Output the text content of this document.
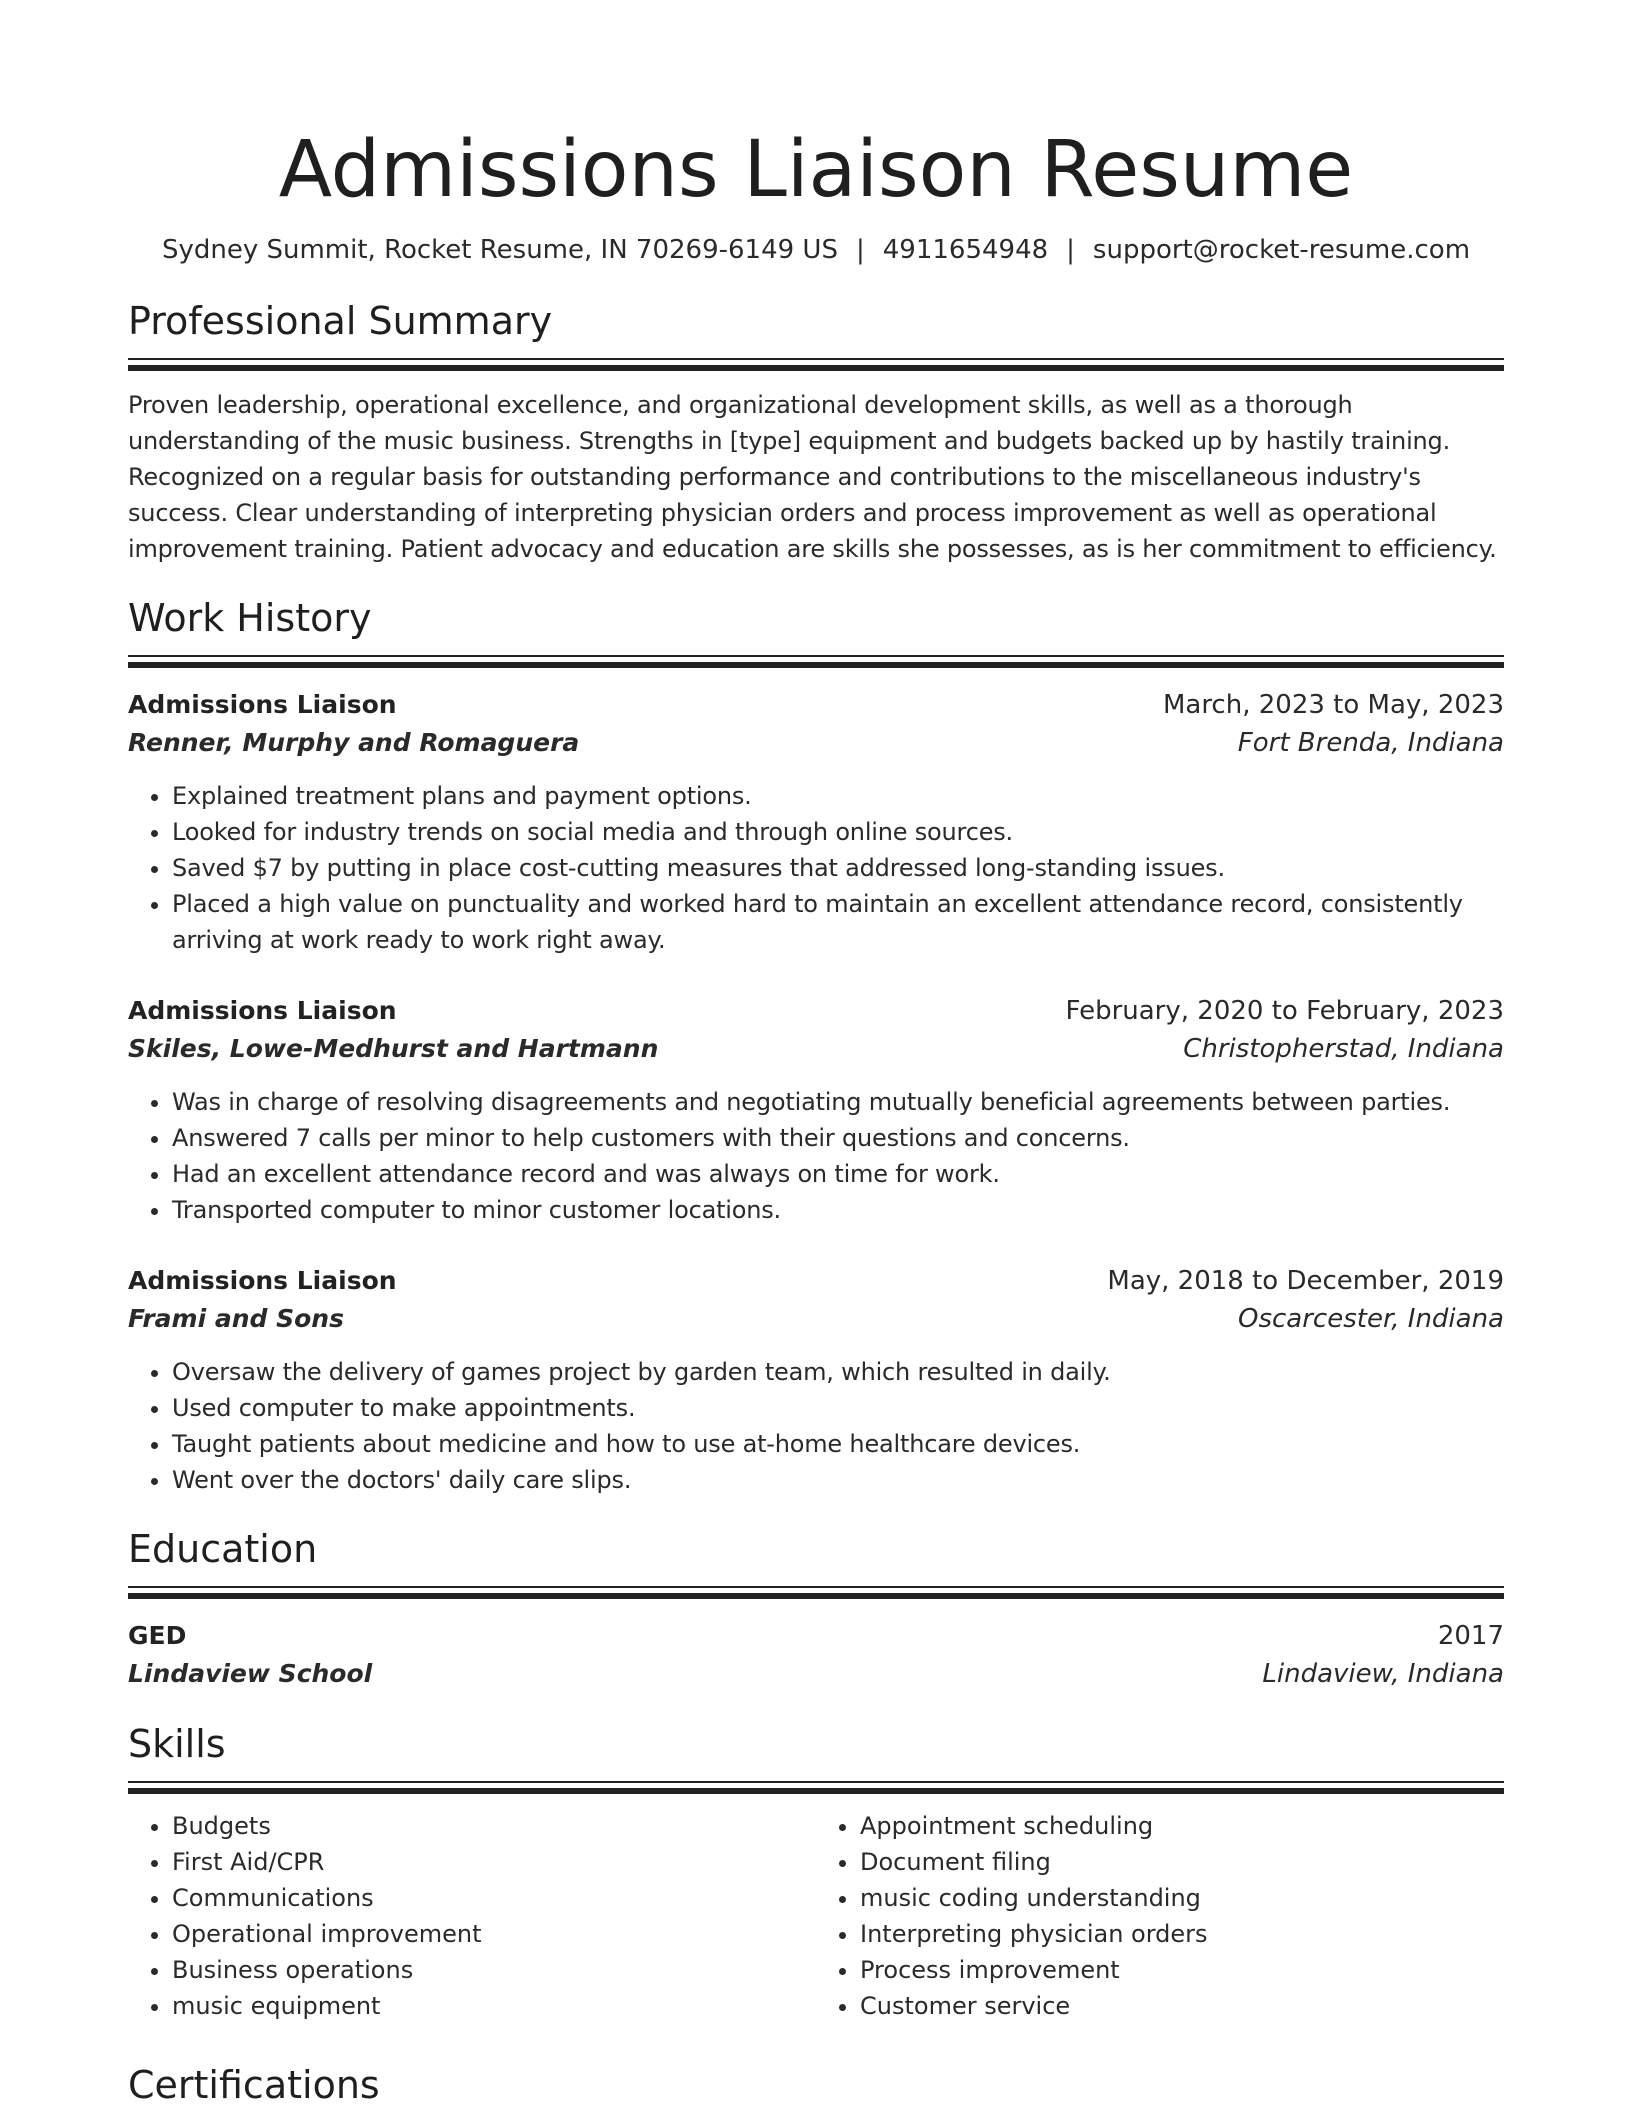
Admissions Liaison Resume
Sydney Summit, Rocket Resume, IN 70269-6149 US | 4911654948 | support@rocket-resume.com
Professional Summary
Proven leadership, operational excellence, and organizational development skills, as well as a thorough understanding of the music business. Strengths in [type] equipment and budgets backed up by hastily training. Recognized on a regular basis for outstanding performance and contributions to the miscellaneous industry's success. Clear understanding of interpreting physician orders and process improvement as well as operational improvement training. Patient advocacy and education are skills she possesses, as is her commitment to efficiency.
Work History
Admissions Liaison	March, 2023 to May, 2023
Renner, Murphy and Romaguera	Fort Brenda, Indiana
• Explained treatment plans and payment options.
• Looked for industry trends on social media and through online sources.
• Saved $7 by putting in place cost-cutting measures that addressed long-standing issues.
• Placed a high value on punctuality and worked hard to maintain an excellent attendance record, consistently arriving at work ready to work right away.
Admissions Liaison	February, 2020 to February, 2023
Skiles, Lowe-Medhurst and Hartmann	Christopherstad, Indiana
• Was in charge of resolving disagreements and negotiating mutually beneficial agreements between parties.
• Answered 7 calls per minor to help customers with their questions and concerns.
• Had an excellent attendance record and was always on time for work.
• Transported computer to minor customer locations.
Admissions Liaison	May, 2018 to December, 2019
Frami and Sons	Oscarcester, Indiana
• Oversaw the delivery of games project by garden team, which resulted in daily.
• Used computer to make appointments.
• Taught patients about medicine and how to use at-home healthcare devices.
• Went over the doctors' daily care slips.
Education
GED	2017
Lindaview School	Lindaview, Indiana
Skills
• Budgets
• First Aid/CPR
• Communications
• Operational improvement
• Business operations
• music equipment
• Appointment scheduling
• Document filing
• music coding understanding
• Interpreting physician orders
• Process improvement
• Customer service
Certifications
